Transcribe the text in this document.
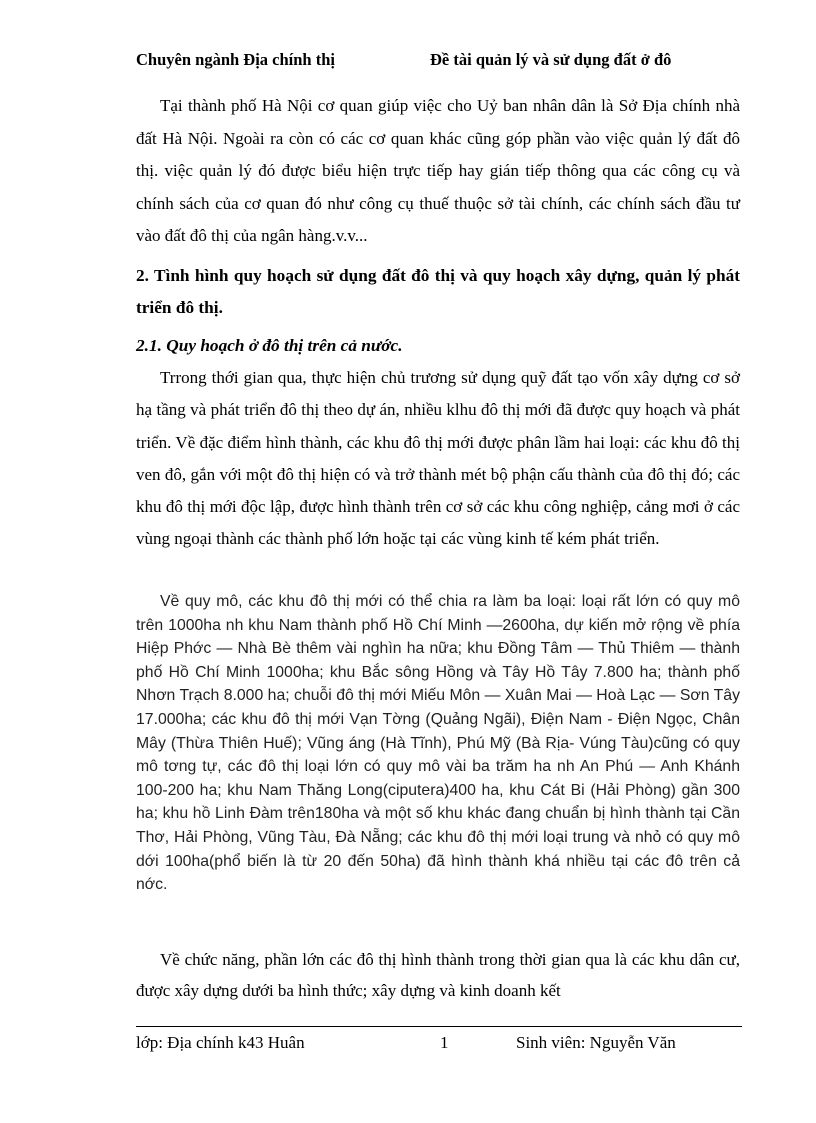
Chuyên ngành Địa chính thị	Đề tài quản lý và sử dụng đất ở đô

Tại thành phố Hà Nội cơ quan giúp việc cho Uỷ ban nhân dân là Sở Địa chính nhà đất Hà Nội. Ngoài ra còn có các cơ quan khác cũng góp phần vào việc quản lý đất đô thị. việc quản lý đó được biểu hiện trực tiếp hay gián tiếp thông qua các công cụ và chính sách của cơ quan đó như công cụ thuế thuộc sở tài chính, các chính sách đầu tư vào đất đô thị của ngân hàng.v.v...

2. Tình hình quy hoạch sử dụng đất đô thị và quy hoạch xây dựng, quản lý phát triển đô thị.

2.1. Quy hoạch ở đô thị trên cả nước.

Trrong thới gian qua, thực hiện chủ trương sử dụng quỹ đất tạo vốn xây dựng cơ sở hạ tầng và phát triển đô thị theo dự án, nhiều klhu đô thị mới đã được quy hoạch và phát triển. Về đặc điểm hình thành, các khu đô thị mới được phân lầm hai loại: các khu đô thị ven đô, gắn với một đô thị hiện có và trở thành mét bộ phận cấu thành của đô thị đó; các khu đô thị mới độc lập, được hình thành trên cơ sở các khu công nghiệp, cảng mơi ở các vùng ngoại thành các thành phố lớn hoặc tại các vùng kinh tế kém phát triển.

Về quy mô, các khu đô thị mới có thể chia ra làm ba loại: loại rất lớn có quy mô trên 1000ha nh khu Nam thành phố Hồ Chí Minh —2600ha, dự kiến mở rộng về phía Hiệp Phớc — Nhà Bè thêm vài nghìn ha nữa; khu Đồng Tâm — Thủ Thiêm — thành phố Hồ Chí Minh 1000ha; khu Bắc sông Hồng và Tây Hồ Tây 7.800 ha; thành phố Nhơn Trạch 8.000 ha; chuỗi đô thị mới Miếu Môn — Xuân Mai — Hoà Lạc — Sơn Tây 17.000ha; các khu đô thị mới Vạn Tờng (Quảng Ngãi), Điện Nam - Điện Ngọc, Chân Mây (Thừa Thiên Huế); Vũng áng (Hà Tĩnh), Phú Mỹ (Bà Rịa- Vúng Tàu)cũng có quy mô tơng tự, các đô thị loại lớn có quy mô vài ba trăm ha nh An Phú — Anh Khánh 100-200 ha; khu Nam Thăng Long(ciputera)400 ha, khu Cát Bi (Hải Phòng) gần 300 ha; khu hồ Linh Đàm trên180ha và một số khu khác đang chuẩn bị hình thành tại Cần Thơ, Hải Phòng, Vũng Tàu, Đà Nẵng; các khu đô thị mới loại trung và nhỏ có quy mô dới 100ha(phổ biến là từ 20 đến 50ha) đã hình thành khá nhiều tại các đô trên cả nớc.

Về chức năng, phần lớn các đô thị hình thành trong thời gian qua là các khu dân cư, được xây dựng dưới ba hình thức; xây dựng và kinh doanh kết

lớp: Địa chính k43 Huân	1	Sinh viên: Nguyễn Văn
